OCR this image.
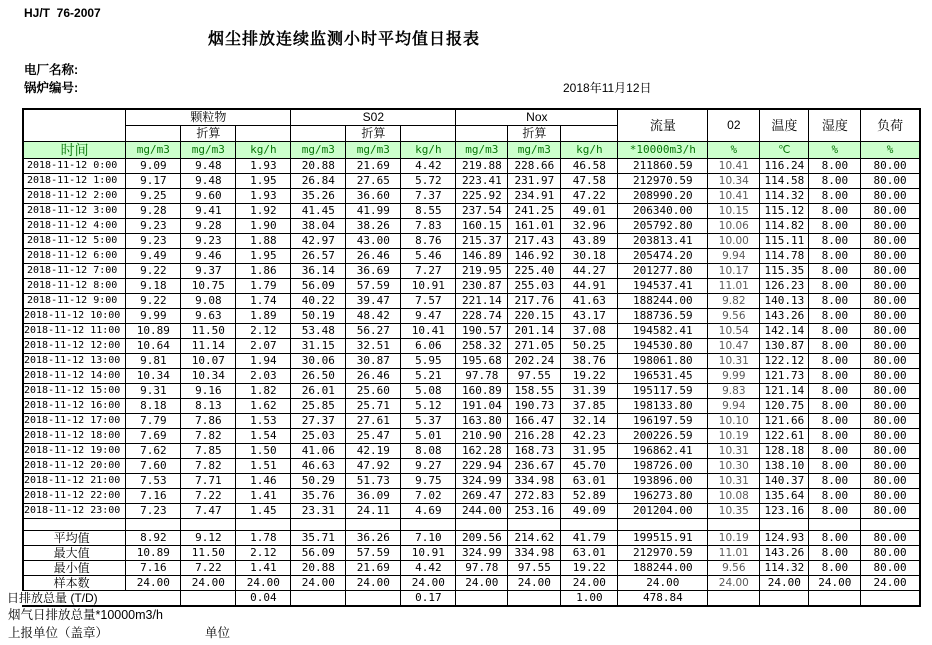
HJ/T  76-2007
烟尘排放连续监测小时平均值日报表
电厂名称:
锅炉编号:	2018年11月12日
	颗粒物			S02			Nox			流量	02	温度	湿度	负荷
		折算			折算			折算						
时间	mg/m3	mg/m3	kg/h	mg/m3	mg/m3	kg/h	mg/m3	mg/m3	kg/h	*10000m3/h	%	℃	%	%
2018-11-12 0:00	9.09	9.48	1.93	20.88	21.69	4.42	219.88	228.66	46.58	211860.59	10.41	116.24	8.00	80.00
2018-11-12 1:00	9.17	9.48	1.95	26.84	27.65	5.72	223.41	231.97	47.58	212970.59	10.34	114.58	8.00	80.00
2018-11-12 2:00	9.25	9.60	1.93	35.26	36.60	7.37	225.92	234.91	47.22	208990.20	10.41	114.32	8.00	80.00
2018-11-12 3:00	9.28	9.41	1.92	41.45	41.99	8.55	237.54	241.25	49.01	206340.00	10.15	115.12	8.00	80.00
2018-11-12 4:00	9.23	9.28	1.90	38.04	38.26	7.83	160.15	161.01	32.96	205792.80	10.06	114.82	8.00	80.00
2018-11-12 5:00	9.23	9.23	1.88	42.97	43.00	8.76	215.37	217.43	43.89	203813.41	10.00	115.11	8.00	80.00
2018-11-12 6:00	9.49	9.46	1.95	26.57	26.46	5.46	146.89	146.92	30.18	205474.20	9.94	114.78	8.00	80.00
2018-11-12 7:00	9.22	9.37	1.86	36.14	36.69	7.27	219.95	225.40	44.27	201277.80	10.17	115.35	8.00	80.00
2018-11-12 8:00	9.18	10.75	1.79	56.09	57.59	10.91	230.87	255.03	44.91	194537.41	11.01	126.23	8.00	80.00
2018-11-12 9:00	9.22	9.08	1.74	40.22	39.47	7.57	221.14	217.76	41.63	188244.00	9.82	140.13	8.00	80.00
2018-11-12 10:00	9.99	9.63	1.89	50.19	48.42	9.47	228.74	220.15	43.17	188736.59	9.56	143.26	8.00	80.00
2018-11-12 11:00	10.89	11.50	2.12	53.48	56.27	10.41	190.57	201.14	37.08	194582.41	10.54	142.14	8.00	80.00
2018-11-12 12:00	10.64	11.14	2.07	31.15	32.51	6.06	258.32	271.05	50.25	194530.80	10.47	130.87	8.00	80.00
2018-11-12 13:00	9.81	10.07	1.94	30.06	30.87	5.95	195.68	202.24	38.76	198061.80	10.31	122.12	8.00	80.00
2018-11-12 14:00	10.34	10.34	2.03	26.50	26.46	5.21	97.78	97.55	19.22	196531.45	9.99	121.73	8.00	80.00
2018-11-12 15:00	9.31	9.16	1.82	26.01	25.60	5.08	160.89	158.55	31.39	195117.59	9.83	121.14	8.00	80.00
2018-11-12 16:00	8.18	8.13	1.62	25.85	25.71	5.12	191.04	190.73	37.85	198133.80	9.94	120.75	8.00	80.00
2018-11-12 17:00	7.79	7.86	1.53	27.37	27.61	5.37	163.80	166.47	32.14	196197.59	10.10	121.66	8.00	80.00
2018-11-12 18:00	7.69	7.82	1.54	25.03	25.47	5.01	210.90	216.28	42.23	200226.59	10.19	122.61	8.00	80.00
2018-11-12 19:00	7.62	7.85	1.50	41.06	42.19	8.08	162.28	168.73	31.95	196862.41	10.31	128.18	8.00	80.00
2018-11-12 20:00	7.60	7.82	1.51	46.63	47.92	9.27	229.94	236.67	45.70	198726.00	10.30	138.10	8.00	80.00
2018-11-12 21:00	7.53	7.71	1.46	50.29	51.73	9.75	324.99	334.98	63.01	193896.00	10.31	140.37	8.00	80.00
2018-11-12 22:00	7.16	7.22	1.41	35.76	36.09	7.02	269.47	272.83	52.89	196273.80	10.08	135.64	8.00	80.00
2018-11-12 23:00	7.23	7.47	1.45	23.31	24.11	4.69	244.00	253.16	49.09	201204.00	10.35	123.16	8.00	80.00

平均值	8.92	9.12	1.78	35.71	36.26	7.10	209.56	214.62	41.79	199515.91	10.19	124.93	8.00	80.00
最大值	10.89	11.50	2.12	56.09	57.59	10.91	324.99	334.98	63.01	212970.59	11.01	143.26	8.00	80.00
最小值	7.16	7.22	1.41	20.88	21.69	4.42	97.78	97.55	19.22	188244.00	9.56	114.32	8.00	80.00
样本数	24.00	24.00	24.00	24.00	24.00	24.00	24.00	24.00	24.00	24.00	24.00	24.00	24.00	24.00

日排放总量 (T/D)			0.04			0.17			1.00	478.84				
烟气日排放总量*10000m3/h
上报单位（盖章）	单位
